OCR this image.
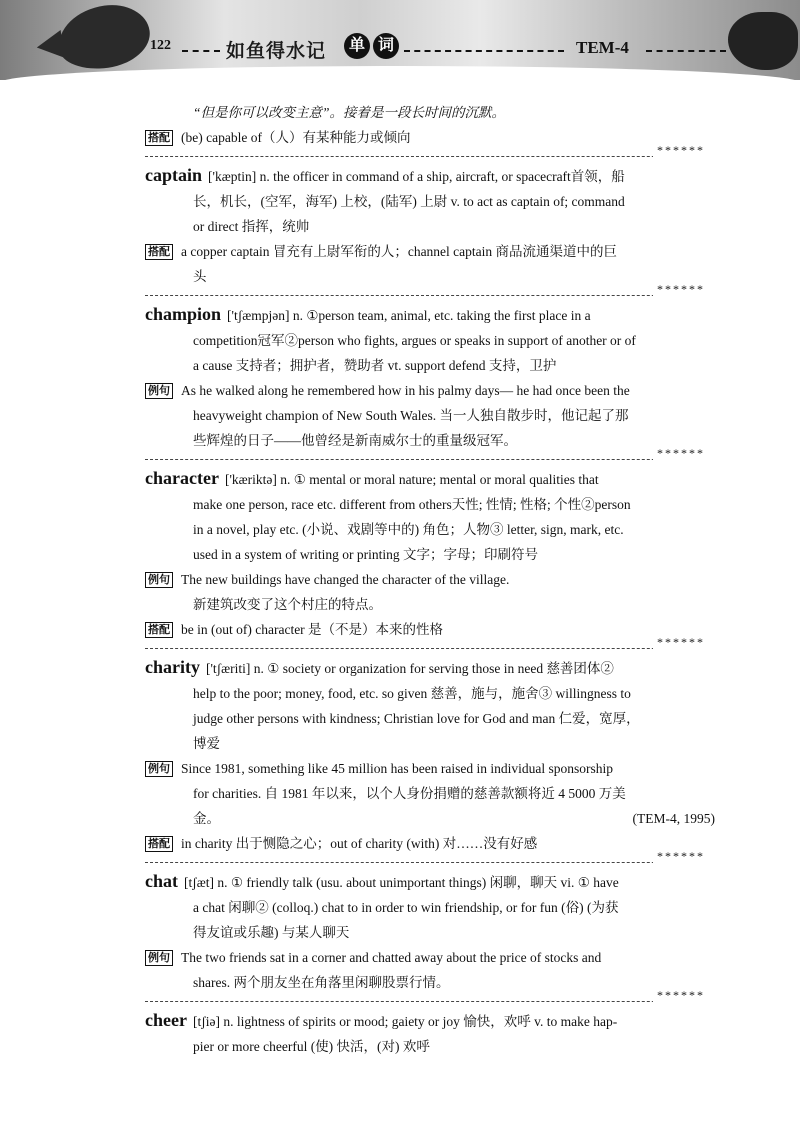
122	如鱼得水记	单 词	TEM-4
“但是你可以改变主意”。接着是一段长时间的沉默。
搭配 (be) capable of（人）有某种能力或倾向
******
captain ['kæptin] n. the officer in command of a ship, aircraft, or spacecraft首领，船
长，机长，(空军，海军) 上校，(陆军) 上尉 v. to act as captain of; command
or direct 指挥，统帅
搭配 a copper captain 冒充有上尉军衔的人；channel captain 商品流通渠道中的巨
头
******
champion ['tʃæmpjən] n. ①person team, animal, etc. taking the first place in a
competition冠军②person who fights, argues or speaks in support of another or of
a cause 支持者；拥护者，赞助者 vt. support defend 支持，卫护
例句 As he walked along he remembered how in his palmy days— he had once been the
heavyweight champion of New South Wales. 当一人独自散步时，他记起了那
些辉煌的日子——他曾经是新南威尔士的重量级冠军。
******
character ['kæriktə] n. ① mental or moral nature; mental or moral qualities that
make one person, race etc. different from others天性; 性情; 性格; 个性②person
in a novel, play etc. (小说、戏剧等中的) 角色；人物③ letter, sign, mark, etc.
used in a system of writing or printing 文字；字母；印刷符号
例句 The new buildings have changed the character of the village.
新建筑改变了这个村庄的特点。
搭配 be in (out of) character 是（不是）本来的性格
******
charity ['tʃæriti] n. ① society or organization for serving those in need 慈善团体②
help to the poor; money, food, etc. so given 慈善，施与，施舍③ willingness to
judge other persons with kindness; Christian love for God and man 仁爱，宽厚，
博爱
例句 Since 1981, something like 45 million has been raised in individual sponsorship
for charities. 自 1981 年以来，以个人身份捐赠的慈善款额将近 4 5000 万美
金。	(TEM-4, 1995)
搭配 in charity 出于恻隐之心；out of charity (with) 对……没有好感
******
chat [tʃæt] n. ① friendly talk (usu. about unimportant things) 闲聊，聊天 vi. ① have
a chat 闲聊② (colloq.) chat to in order to win friendship, or for fun (俗) (为获
得友谊或乐趣) 与某人聊天
例句 The two friends sat in a corner and chatted away about the price of stocks and
shares. 两个朋友坐在角落里闲聊股票行情。
******
cheer [tʃiə] n. lightness of spirits or mood; gaiety or joy 愉快，欢呼 v. to make hap-
pier or more cheerful (使) 快活，(对) 欢呼
